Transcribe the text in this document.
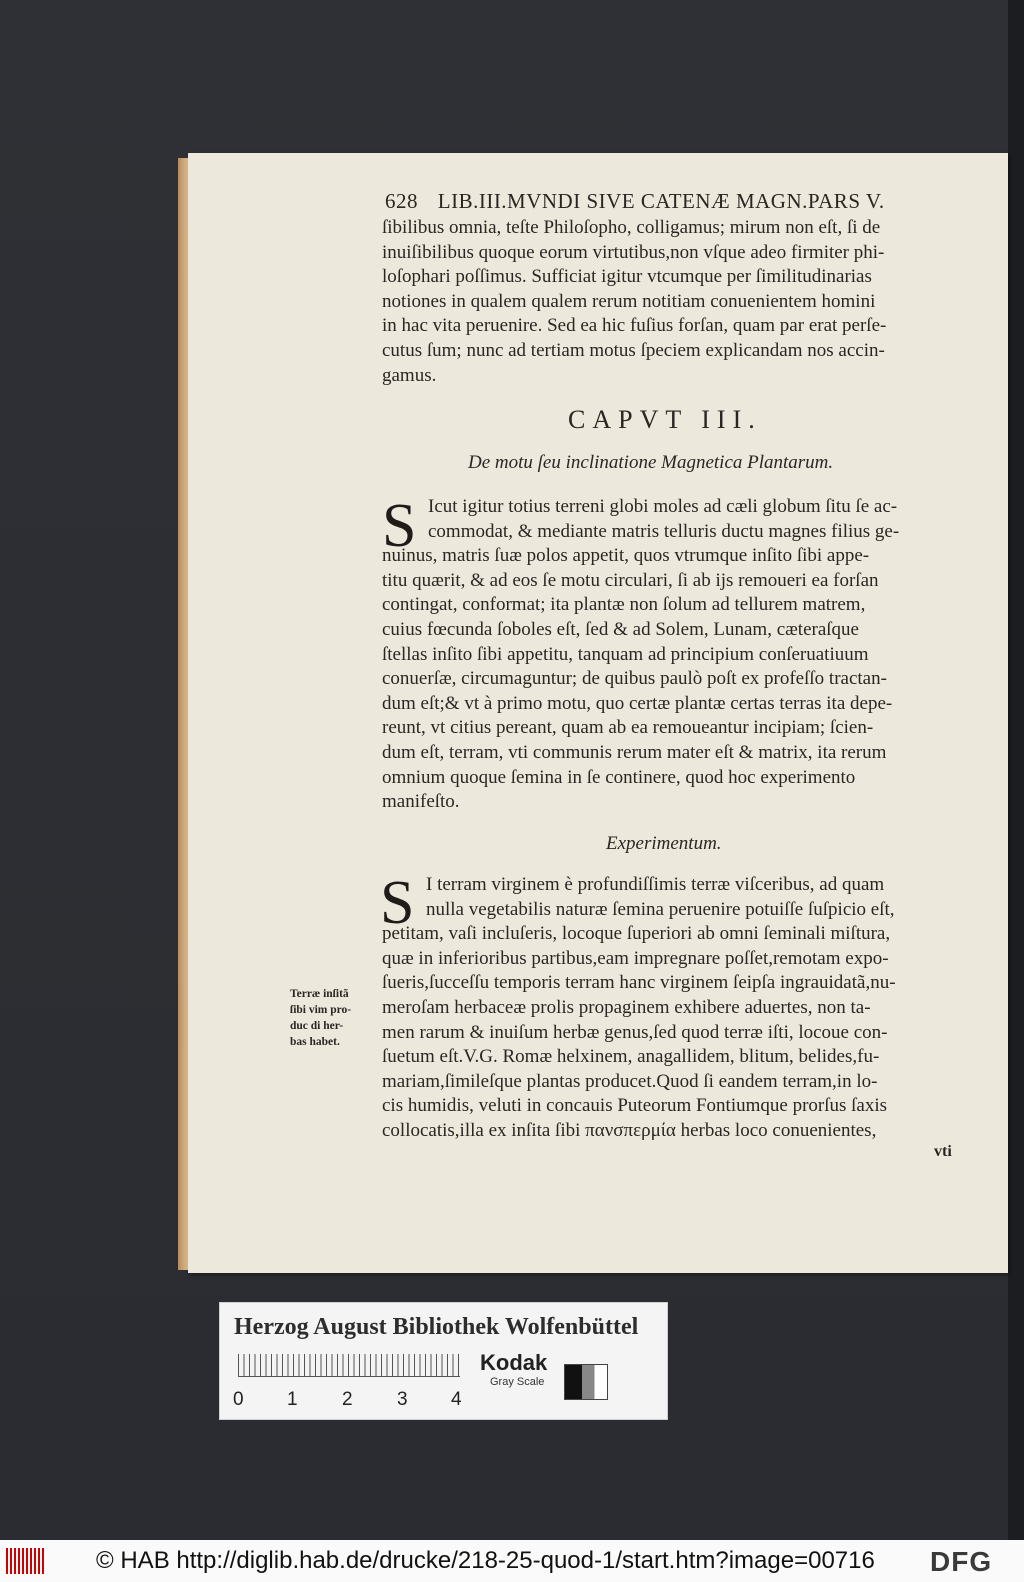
628 LIB.III.MVNDI SIVE CATENÆ MAGN.PARS V.

ſibilibus omnia, teſte Philoſopho, colligamus; mirum non eſt, ſi de

inuiſibilibus quoque eorum virtutibus,non vſque adeo firmiter phi-

loſophari poſſimus. Sufficiat igitur vtcumque per ſimilitudinarias

notiones in qualem qualem rerum notitiam conuenientem homini

in hac vita peruenire. Sed ea hic fuſius forſan, quam par erat perſe-

cutus ſum; nunc ad tertiam motus ſpeciem explicandam nos accin-

gamus.

CAPVT III.
De motu ſeu inclinatione Magnetica Plantarum.
S Icut igitur totius terreni globi moles ad cæli globum ſitu ſe ac-

commodat, & mediante matris telluris ductu magnes filius ge-

nuinus, matris ſuæ polos appetit, quos vtrumque inſito ſibi appe-

titu quærit, & ad eos ſe motu circulari, ſi ab ijs remoueri ea forſan

contingat, conformat; ita plantæ non ſolum ad tellurem matrem,

cuius fœcunda ſoboles eſt, ſed & ad Solem, Lunam, cæteraſque

ſtellas inſito ſibi appetitu, tanquam ad principium conſeruatiuum

conuerſæ, circumaguntur; de quibus paulò poſt ex profeſſo tractan-

dum eſt;& vt à primo motu, quo certæ plantæ certas terras ita depe-

reunt, vt citius pereant, quam ab ea remoueantur incipiam; ſcien-

dum eſt, terram, vti communis rerum mater eſt & matrix, ita rerum

omnium quoque ſemina in ſe continere, quod hoc experimento

manifeſto.

Experimentum.
S I terram virginem è profundiſſimis terræ viſceribus, ad quam

nulla vegetabilis naturæ ſemina peruenire potuiſſe ſuſpicio eſt,

petitam, vaſi incluſeris, locoque ſuperiori ab omni ſeminali miſtura,

quæ in inferioribus partibus,eam impregnare poſſet,remotam expo-

ſueris,ſucceſſu temporis terram hanc virginem ſeipſa ingrauidatã,nu-

meroſam herbaceæ prolis propaginem exhibere aduertes, non ta-

men rarum & inuiſum herbæ genus,ſed quod terræ iſti, locoue con-

ſuetum eſt.V.G. Romæ helxinem, anagallidem, blitum, belides,fu-

mariam,ſimileſque plantas producet.Quod ſi eandem terram,in lo-

cis humidis, veluti in concauis Puteorum Fontiumque prorſus ſaxis

collocatis,illa ex inſita ſibi πανσπερμία herbas loco conuenientes,

Terræ inſitã

ſibi vim pro-

duc di her-

bas habet.

vti
Herzog August Bibliothek Wolfenbüttel
0 1 2 3 4
Kodak
Gray Scale
© HAB http://diglib.hab.de/drucke/218-25-quod-1/start.htm?image=00716 DFG
